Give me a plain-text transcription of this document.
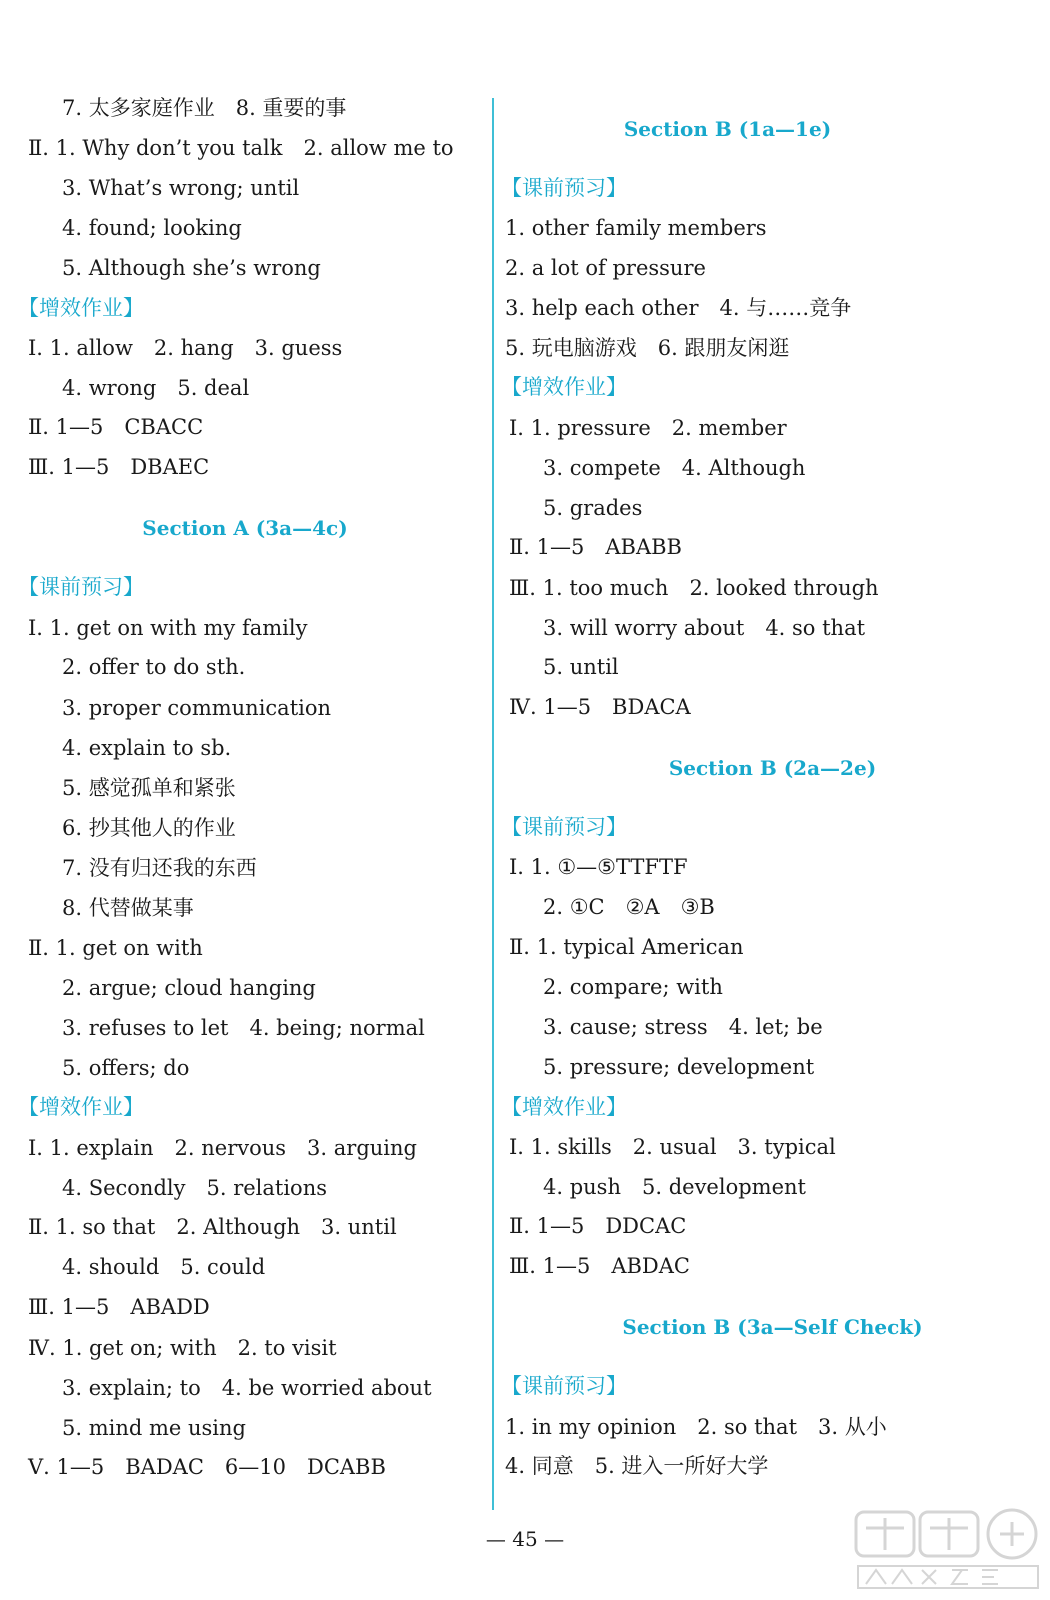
7. 太多家庭作业　8. 重要的事
Ⅱ. 1. Why don’t you talk　2. allow me to
3. What’s wrong; until
4. found; looking
5. Although she’s wrong
【增效作业】
Ⅰ. 1. allow　2. hang　3. guess
4. wrong　5. deal
Ⅱ. 1—5　CBACC
Ⅲ. 1—5　DBAEC
Section A (3a—4c)
【课前预习】
Ⅰ. 1. get on with my family
2. offer to do sth.
3. proper communication
4. explain to sb.
5. 感觉孤单和紧张
6. 抄其他人的作业
7. 没有归还我的东西
8. 代替做某事
Ⅱ. 1. get on with
2. argue; cloud hanging
3. refuses to let　4. being; normal
5. offers; do
【增效作业】
Ⅰ. 1. explain　2. nervous　3. arguing
4. Secondly　5. relations
Ⅱ. 1. so that　2. Although　3. until
4. should　5. could
Ⅲ. 1—5　ABADD
Ⅳ. 1. get on; with　2. to visit
3. explain; to　4. be worried about
5. mind me using
Ⅴ. 1—5　BADAC　6—10　DCABB
Section B (1a—1e)
【课前预习】
1. other family members
2. a lot of pressure
3. help each other　4. 与……竞争
5. 玩电脑游戏　6. 跟朋友闲逛
【增效作业】
Ⅰ. 1. pressure　2. member
3. compete　4. Although
5. grades
Ⅱ. 1—5　ABABB
Ⅲ. 1. too much　2. looked through
3. will worry about　4. so that
5. until
Ⅳ. 1—5　BDACA
Section B (2a—2e)
【课前预习】
Ⅰ. 1. ①—⑤TTFTF
2. ①C　②A　③B
Ⅱ. 1. typical American
2. compare; with
3. cause; stress　4. let; be
5. pressure; development
【增效作业】
Ⅰ. 1. skills　2. usual　3. typical
4. push　5. development
Ⅱ. 1—5　DDCAC
Ⅲ. 1—5　ABDAC
Section B (3a—Self Check)
【课前预习】
1. in my opinion　2. so that　3. 从小
4. 同意　5. 进入一所好大学
— 45 —
